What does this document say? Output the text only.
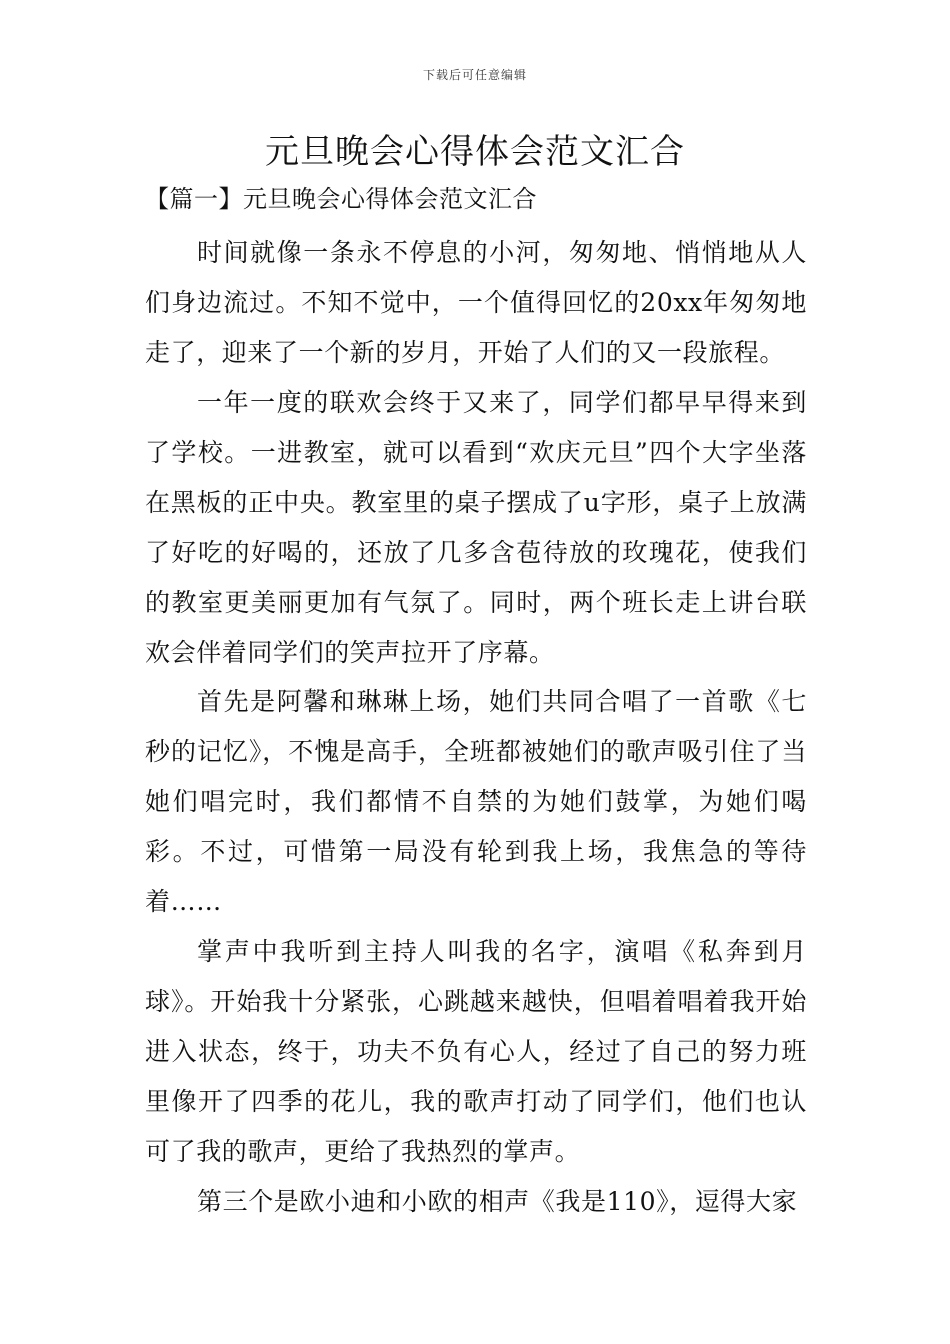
下载后可任意编辑
元旦晚会心得体会范文汇合
【篇一】元旦晚会心得体会范文汇合

时间就像一条永不停息的小河，匆匆地、悄悄地从人们身边流过。不知不觉中，一个值得回忆的20xx年匆匆地走了，迎来了一个新的岁月，开始了人们的又一段旅程。

一年一度的联欢会终于又来了，同学们都早早得来到了学校。一进教室，就可以看到“欢庆元旦”四个大字坐落在黑板的正中央。教室里的桌子摆成了u字形，桌子上放满了好吃的好喝的，还放了几多含苞待放的玫瑰花，使我们的教室更美丽更加有气氛了。同时，两个班长走上讲台联欢会伴着同学们的笑声拉开了序幕。

首先是阿馨和琳琳上场，她们共同合唱了一首歌《七秒的记忆》，不愧是高手，全班都被她们的歌声吸引住了当她们唱完时，我们都情不自禁的为她们鼓掌，为她们喝彩。不过，可惜第一局没有轮到我上场，我焦急的等待着……

掌声中我听到主持人叫我的名字，演唱《私奔到月球》。开始我十分紧张，心跳越来越快，但唱着唱着我开始进入状态，终于，功夫不负有心人，经过了自己的努力班里像开了四季的花儿，我的歌声打动了同学们，他们也认可了我的歌声，更给了我热烈的掌声。

第三个是欧小迪和小欧的相声《我是110》，逗得大家
